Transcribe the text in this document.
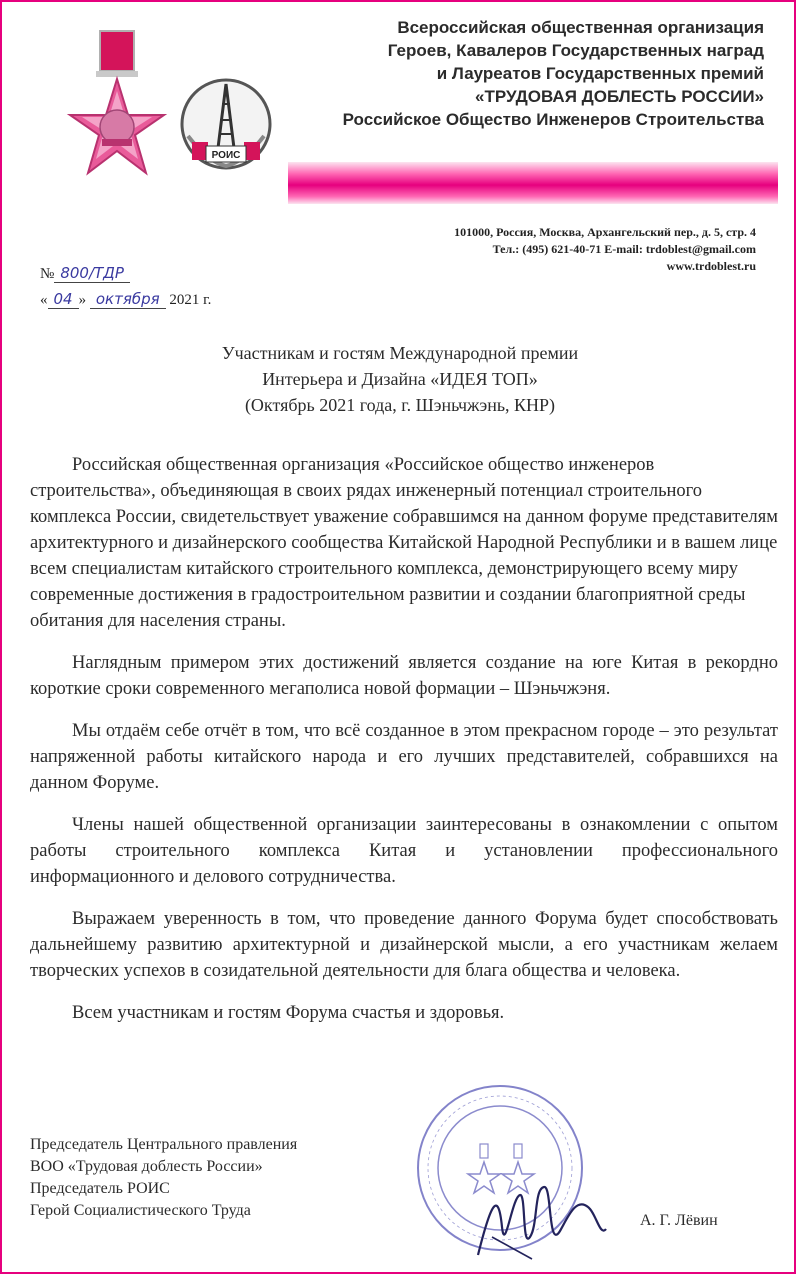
РОИС
Всероссийская общественная организация
Героев, Кавалеров Государственных наград
и Лауреатов Государственных премий
«ТРУДОВАЯ ДОБЛЕСТЬ РОССИИ»
Российское Общество Инженеров Строительства
101000, Россия, Москва, Архангельский пер., д. 5, стр. 4
Тел.: (495) 621-40-71 E-mail: trdoblest@gmail.com
www.trdoblest.ru
№ 800/ТДР
« 04 » октября 2021 г.
Участникам и гостям Международной премии
Интерьера и Дизайна «ИДЕЯ ТОП»
(Октябрь 2021 года, г. Шэньчжэнь, КНР)

Российская общественная организация «Российское общество инженеров строительства», объединяющая в своих рядах инженерный потенциал строительного комплекса России, свидетельствует уважение собравшимся на данном форуме представителям архитектурного и дизайнерского сообщества Китайской Народной Республики и в вашем лице всем специалистам китайского строительного комплекса, демонстрирующего всему миру современные достижения в градостроительном развитии и создании благоприятной среды обитания для населения страны.

Наглядным примером этих достижений является создание на юге Китая в рекордно короткие сроки современного мегаполиса новой формации – Шэньчжэня.

Мы отдаём себе отчёт в том, что всё созданное в этом прекрасном городе – это результат напряженной работы китайского народа и его лучших представителей, собравшихся на данном Форуме.

Члены нашей общественной организации заинтересованы в ознакомлении с опытом работы строительного комплекса Китая и установлении профессионального информационного и делового сотрудничества.

Выражаем уверенность в том, что проведение данного Форума будет способствовать дальнейшему развитию архитектурной и дизайнерской мысли, а его участникам желаем творческих успехов в созидательной деятельности для блага общества и человека.

Всем участникам и гостям Форума счастья и здоровья.

Председатель Центрального правления
ВОО «Трудовая доблесть России»
Председатель РОИС
Герой Социалистического Труда
А. Г. Лёвин
